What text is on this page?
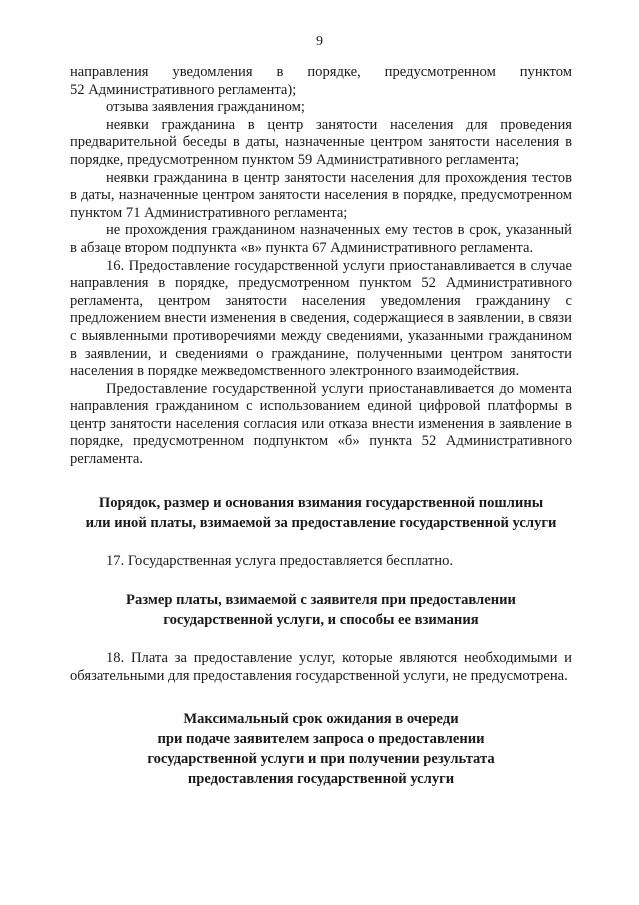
9

направления уведомления в порядке, предусмотренном пунктом

52 Административного регламента);

отзыва заявления гражданином;

неявки гражданина в центр занятости населения для проведения предварительной беседы в даты, назначенные центром занятости населения в порядке, предусмотренном пунктом 59 Административного регламента;

неявки гражданина в центр занятости населения для прохождения тестов в даты, назначенные центром занятости населения в порядке, предусмотренном пунктом 71 Административного регламента;

не прохождения гражданином назначенных ему тестов в срок, указанный в абзаце втором подпункта «в» пункта 67 Административного регламента.

16. Предоставление государственной услуги приостанавливается в случае направления в порядке, предусмотренном пунктом 52 Административного регламента, центром занятости населения уведомления гражданину с предложением внести изменения в сведения, содержащиеся в заявлении, в связи с выявленными противоречиями между сведениями, указанными гражданином в заявлении, и сведениями о гражданине, полученными центром занятости населения в порядке межведомственного электронного взаимодействия.

Предоставление государственной услуги приостанавливается до момента направления гражданином с использованием единой цифровой платформы в центр занятости населения согласия или отказа внести изменения в заявление в порядке, предусмотренном подпунктом «б» пункта 52 Административного регламента.

Порядок, размер и основания взимания государственной пошлины
или иной платы, взимаемой за предоставление государственной услуги

17. Государственная услуга предоставляется бесплатно.

Размер платы, взимаемой с заявителя при предоставлении
государственной услуги, и способы ее взимания

18. Плата за предоставление услуг, которые являются необходимыми и обязательными для предоставления государственной услуги, не предусмотрена.

Максимальный срок ожидания в очереди
при подаче заявителем запроса о предоставлении
государственной услуги и при получении результата
предоставления государственной услуги
